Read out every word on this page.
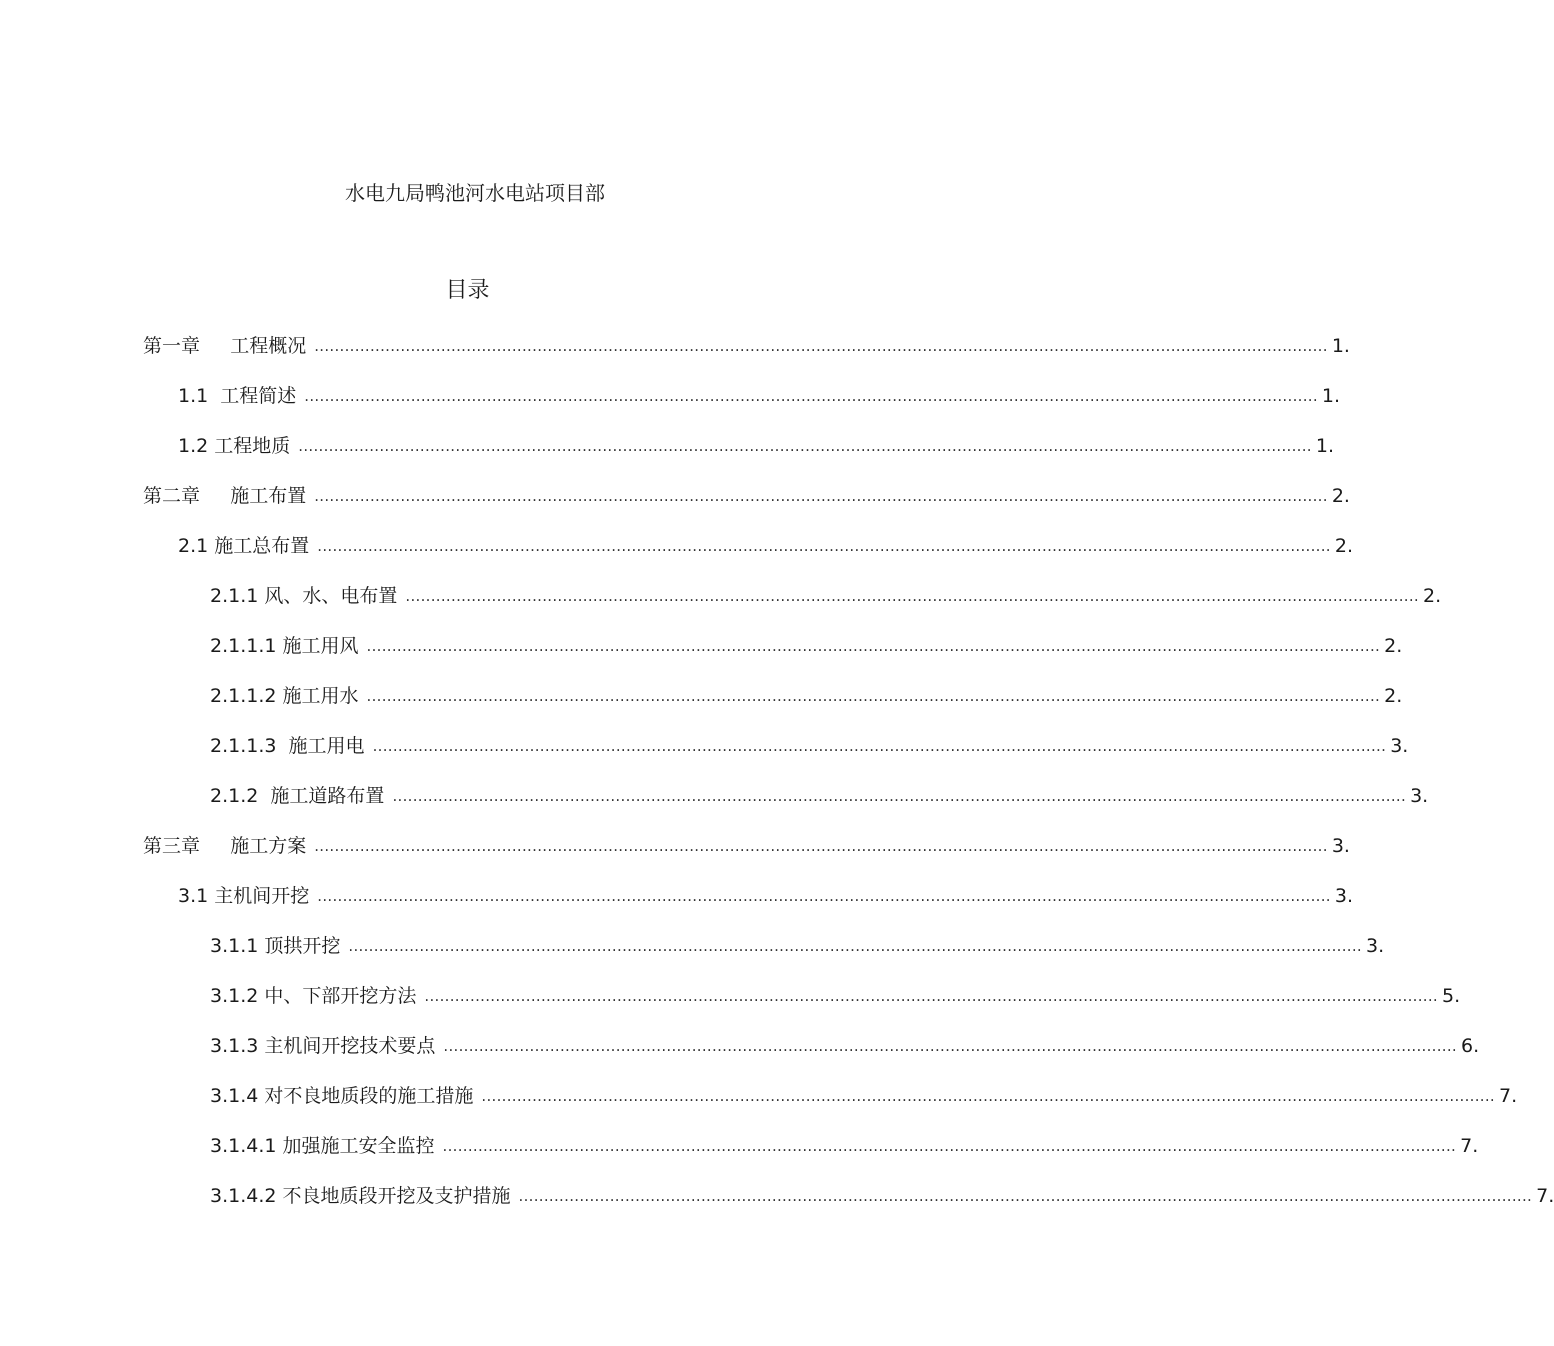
水电九局鸭池河水电站项目部
目录
第一章     工程概况 ........................................................................................................................................................................................................ 1.
1.1  工程简述 ........................................................................................................................................................................................................ 1.
1.2 工程地质 ........................................................................................................................................................................................................ 1.
第二章     施工布置 ........................................................................................................................................................................................................ 2.
2.1 施工总布置 ........................................................................................................................................................................................................ 2.
2.1.1 风、水、电布置 ........................................................................................................................................................................................................ 2.
2.1.1.1 施工用风 ........................................................................................................................................................................................................ 2.
2.1.1.2 施工用水 ........................................................................................................................................................................................................ 2.
2.1.1.3  施工用电 ........................................................................................................................................................................................................ 3.
2.1.2  施工道路布置 ........................................................................................................................................................................................................ 3.
第三章     施工方案 ........................................................................................................................................................................................................ 3.
3.1 主机间开挖 ........................................................................................................................................................................................................ 3.
3.1.1 顶拱开挖 ........................................................................................................................................................................................................ 3.
3.1.2 中、下部开挖方法 ........................................................................................................................................................................................................ 5.
3.1.3 主机间开挖技术要点 ........................................................................................................................................................................................................ 6.
3.1.4 对不良地质段的施工措施 ........................................................................................................................................................................................................ 7.
3.1.4.1 加强施工安全监控 ........................................................................................................................................................................................................ 7.
3.1.4.2 不良地质段开挖及支护措施 ........................................................................................................................................................................................................ 7.
